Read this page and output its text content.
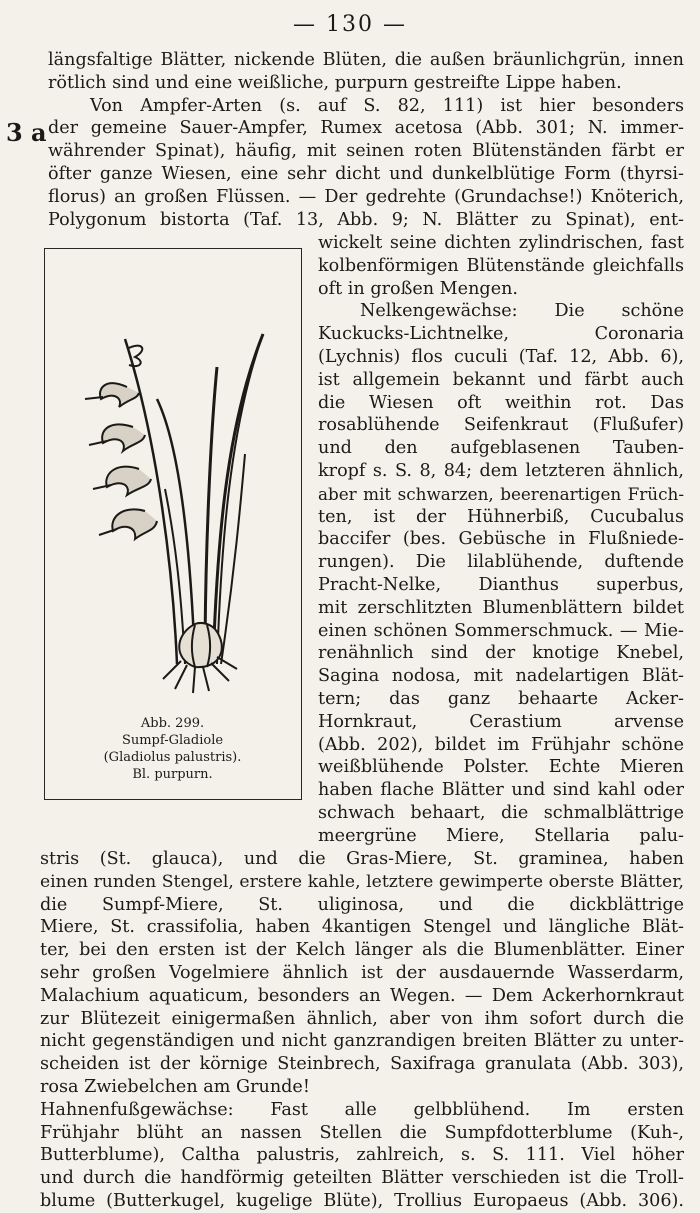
— 130 —
3 a
längsfaltige Blätter, nickende Blüten, die außen bräunlichgrün, innen
rötlich sind und eine weißliche, purpurn gestreifte Lippe haben.
Von Ampfer-Arten (s. auf S. 82, 111) ist hier besonders
der gemeine Sauer-Ampfer, Rumex acetosa (Abb. 301; N. immer-
währender Spinat), häufig, mit seinen roten Blütenständen färbt er
öfter ganze Wiesen, eine sehr dicht und dunkelblütige Form (thyrsi-
florus) an großen Flüssen. — Der gedrehte (Grundachse!) Knöterich,
Polygonum bistorta (Taf. 13, Abb. 9; N. Blätter zu Spinat), ent-
Abb. 299.
Sumpf-Gladiole
(Gladiolus palustris).
Bl. purpurn.
wickelt seine dichten zylindrischen, fast
kolbenförmigen Blütenstände gleichfalls
oft in großen Mengen.
Nelkengewächse: Die schöne
Kuckucks-Lichtnelke, Coronaria
(Lychnis) flos cuculi (Taf. 12, Abb. 6),
ist allgemein bekannt und färbt auch
die Wiesen oft weithin rot. Das
rosablühende Seifenkraut (Flußufer)
und den aufgeblasenen Tauben-
kropf s. S. 8, 84; dem letzteren ähnlich,
aber mit schwarzen, beerenartigen Früch-
ten, ist der Hühnerbiß, Cucubalus
baccifer (bes. Gebüsche in Flußniede-
rungen). Die lilablühende, duftende
Pracht-Nelke, Dianthus superbus,
mit zerschlitzten Blumenblättern bildet
einen schönen Sommerschmuck. — Mie-
renähnlich sind der knotige Knebel,
Sagina nodosa, mit nadelartigen Blät-
tern; das ganz behaarte Acker-
Hornkraut, Cerastium arvense
(Abb. 202), bildet im Frühjahr schöne
weißblühende Polster. Echte Mieren
haben flache Blätter und sind kahl oder
schwach behaart, die schmalblättrige
meergrüne Miere, Stellaria palu-
stris (St. glauca), und die Gras-Miere, St. graminea, haben
einen runden Stengel, erstere kahle, letztere gewimperte oberste Blätter,
die Sumpf-Miere, St. uliginosa, und die dickblättrige
Miere, St. crassifolia, haben 4kantigen Stengel und längliche Blät-
ter, bei den ersten ist der Kelch länger als die Blumenblätter. Einer
sehr großen Vogelmiere ähnlich ist der ausdauernde Wasserdarm,
Malachium aquaticum, besonders an Wegen. — Dem Ackerhornkraut
zur Blütezeit einigermaßen ähnlich, aber von ihm sofort durch die
nicht gegenständigen und nicht ganzrandigen breiten Blätter zu unter-
scheiden ist der körnige Steinbrech, Saxifraga granulata (Abb. 303),
rosa Zwiebelchen am Grunde!
Hahnenfußgewächse: Fast alle gelbblühend. Im ersten
Frühjahr blüht an nassen Stellen die Sumpfdotterblume (Kuh-,
Butterblume), Caltha palustris, zahlreich, s. S. 111. Viel höher
und durch die handförmig geteilten Blätter verschieden ist die Troll-
blume (Butterkugel, kugelige Blüte), Trollius Europaeus (Abb. 306).
